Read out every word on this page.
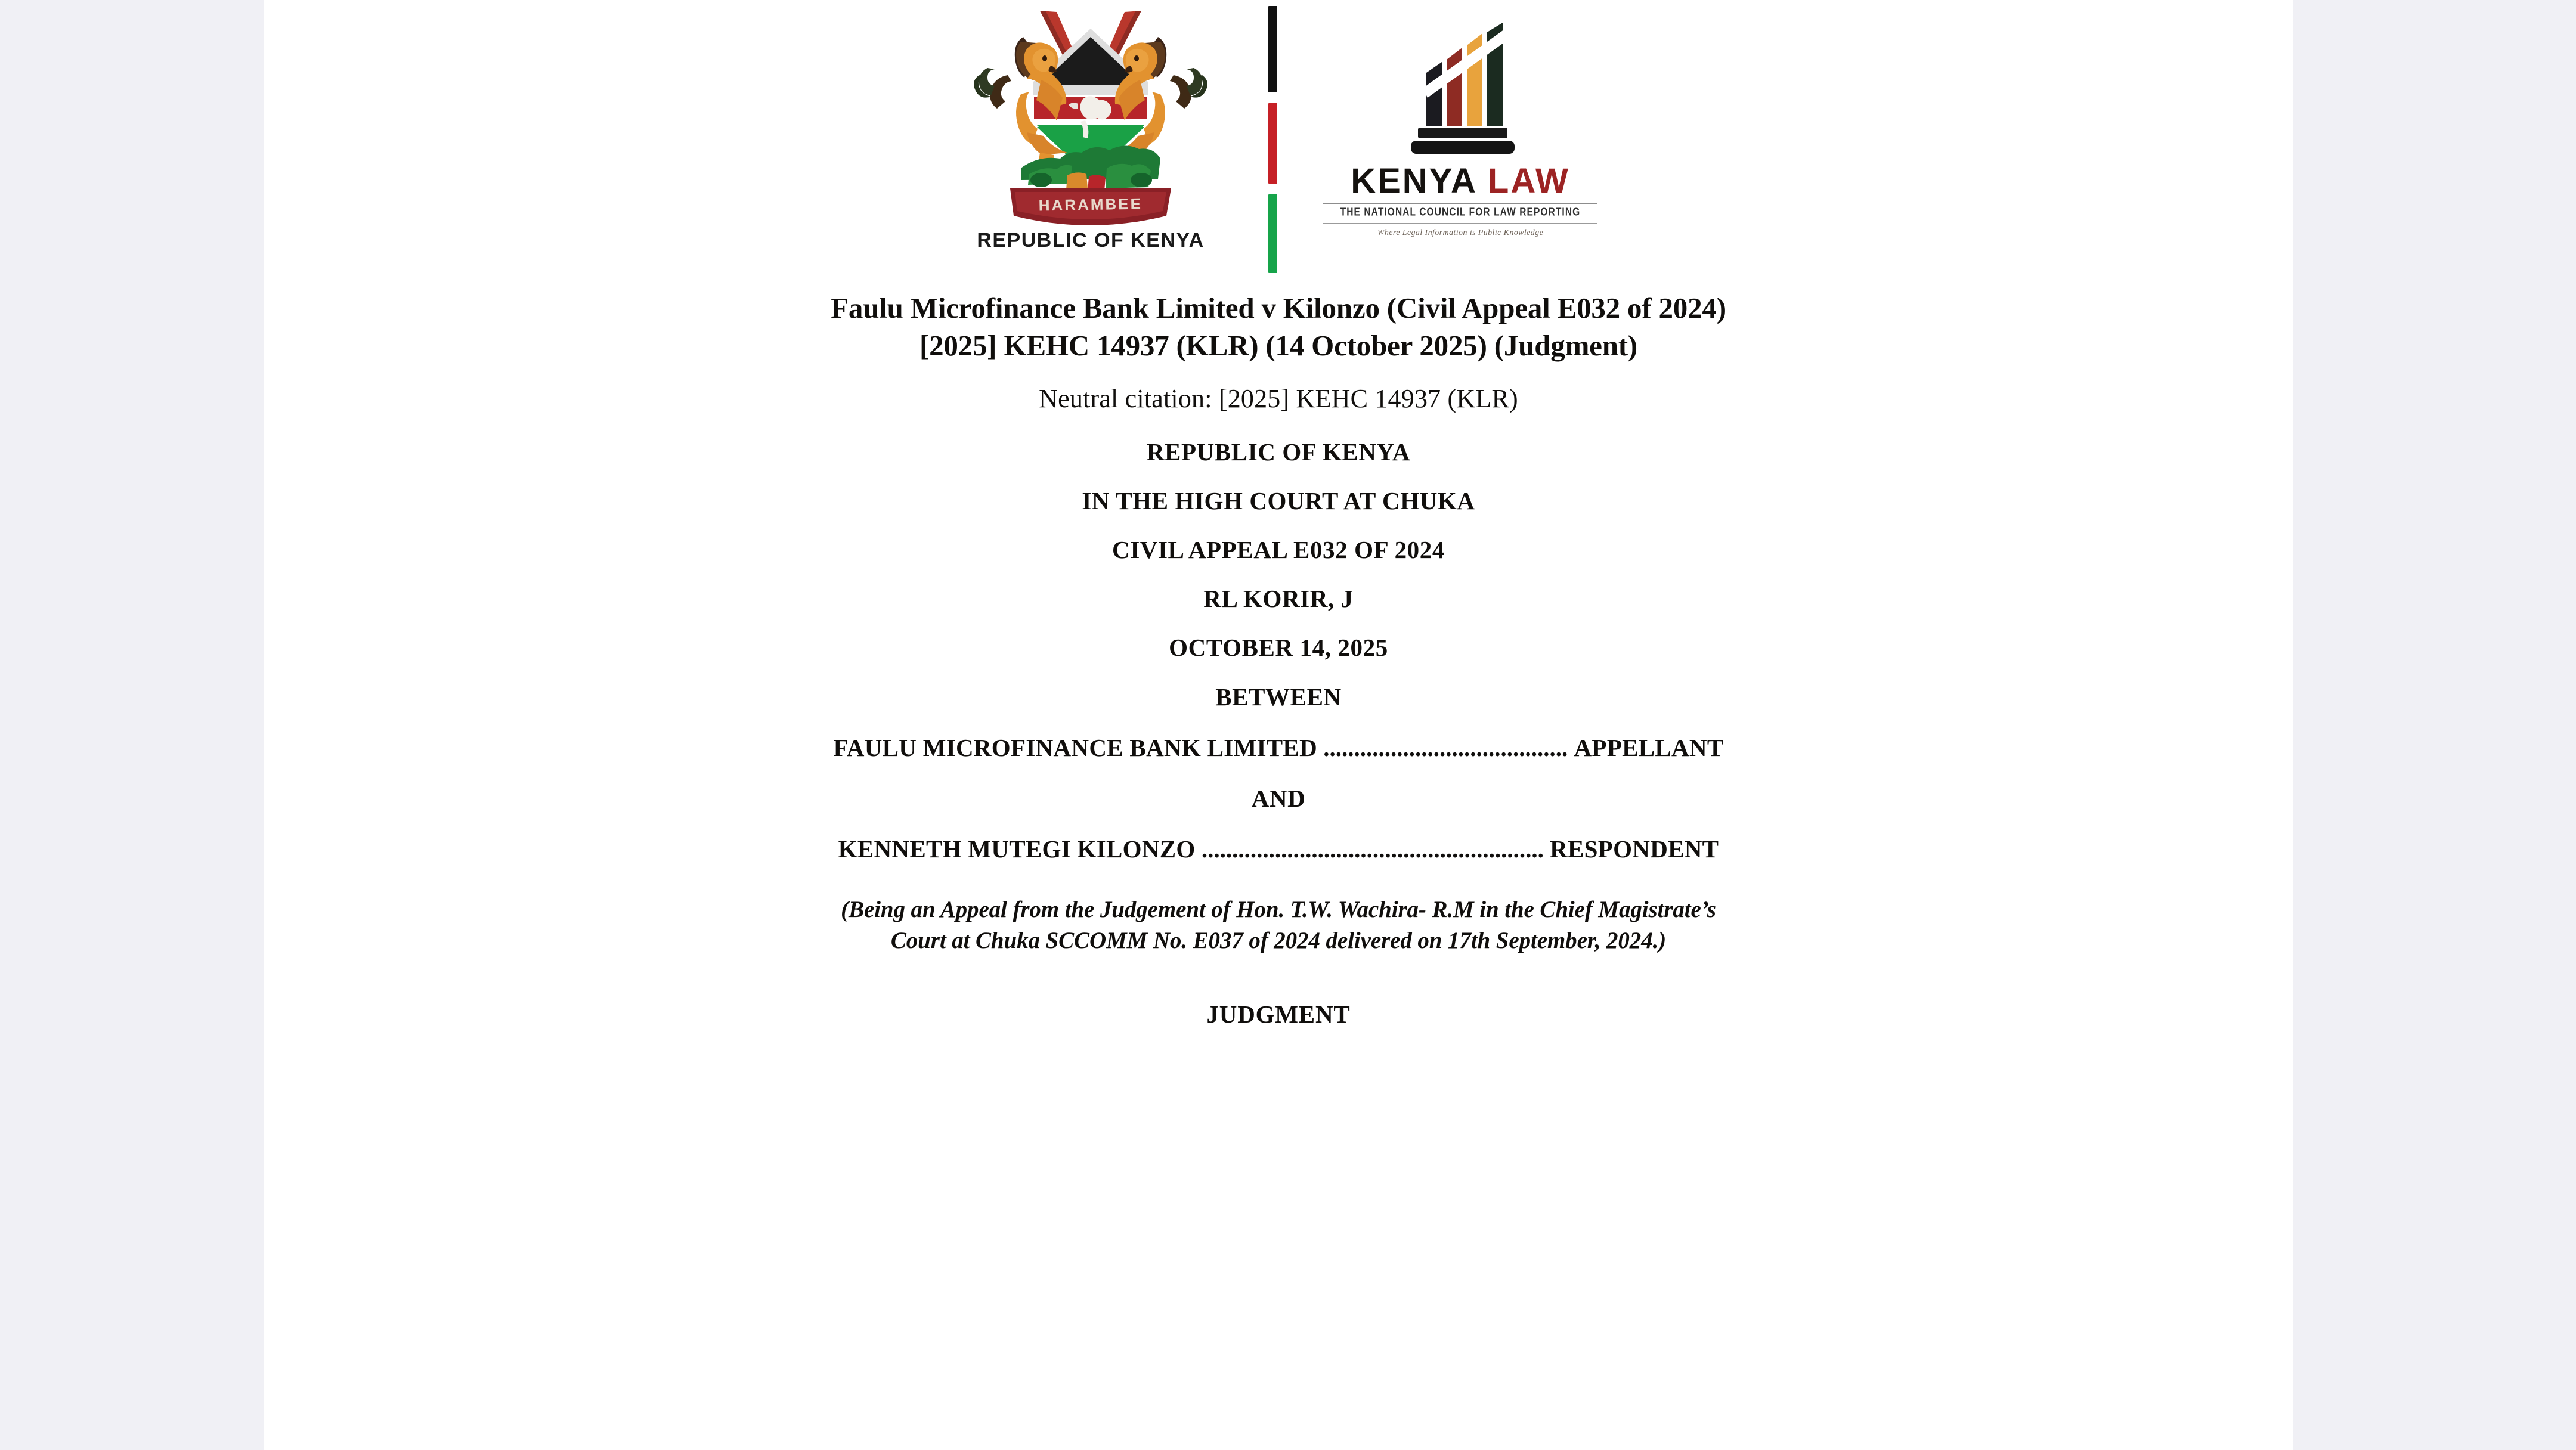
HARAMBEE
REPUBLIC OF KENYA
KENYA LAW
THE NATIONAL COUNCIL FOR LAW REPORTING
Where Legal Information is Public Knowledge
Faulu Microfinance Bank Limited v Kilonzo (Civil Appeal E032 of 2024)
[2025] KEHC 14937 (KLR) (14 October 2025) (Judgment)
Neutral citation: [2025] KEHC 14937 (KLR)
REPUBLIC OF KENYA
IN THE HIGH COURT AT CHUKA
CIVIL APPEAL E032 OF 2024
RL KORIR, J
OCTOBER 14, 2025
BETWEEN
FAULU MICROFINANCE BANK LIMITED ........................................ APPELLANT
AND
KENNETH MUTEGI KILONZO ........................................................ RESPONDENT
(Being an Appeal from the Judgement of Hon. T.W. Wachira- R.M in the Chief Magistrate’s
Court at Chuka SCCOMM No. E037 of 2024 delivered on 17th September, 2024.)
JUDGMENT
